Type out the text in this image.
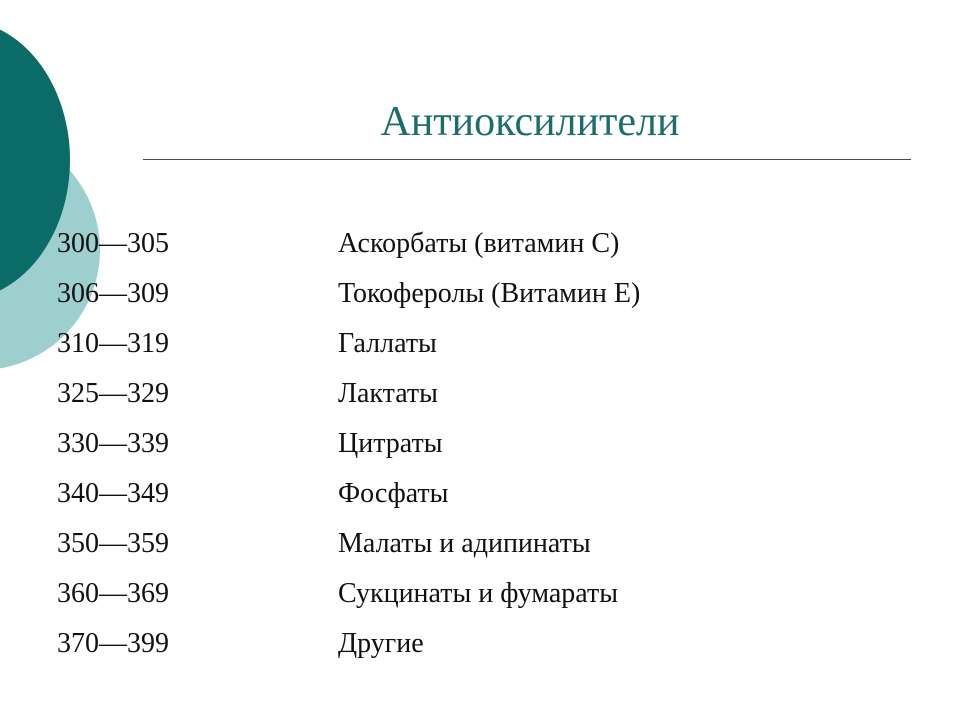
Антиоксилители
300—305	Аскорбаты (витамин С)
306—309	Токоферолы (Витамин Е)
310—319	Галлаты
325—329	Лактаты
330—339	Цитраты
340—349	Фосфаты
350—359	Малаты и адипинаты
360—369	Сукцинаты и фумараты
370—399	Другие
